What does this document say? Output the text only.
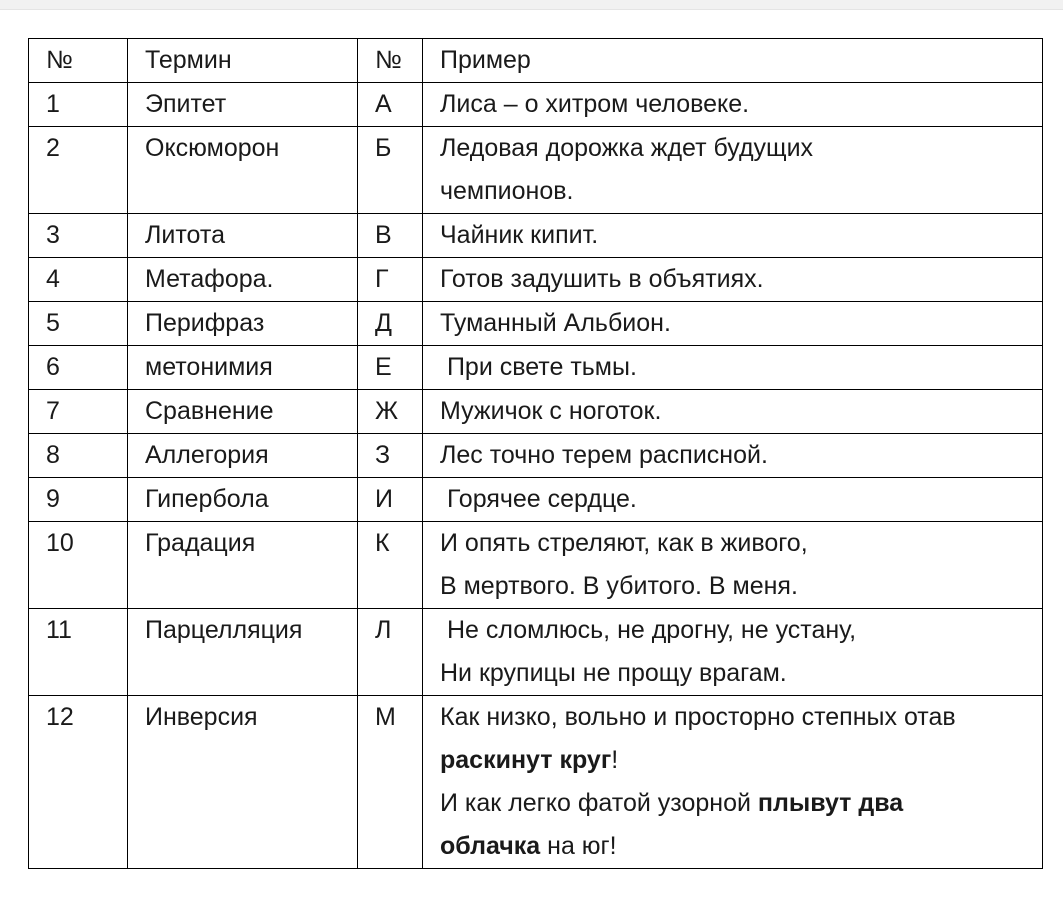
№	Термин	№	Пример
1	Эпитет	А	Лиса – о хитром человеке.

2	Оксюморон	Б	Ледовая дорожка ждет будущих
чемпионов.

3	Литота	В	Чайник кипит.

4	Метафора.	Г	Готов задушить в объятиях.

5	Перифраз	Д	Туманный Альбион.

6	метонимия	Е	При свете тьмы.

7	Сравнение	Ж	Мужичок с ноготок.

8	Аллегория	З	Лес точно терем расписной.

9	Гипербола	И	Горячее сердце.

10	Градация	К	И опять стреляют, как в живого,
В мертвого. В убитого. В меня.

11	Парцелляция	Л	Не сломлюсь, не дрогну, не устану,
Ни крупицы не прощу врагам.

12	Инверсия	М	Как низко, вольно и просторно степных отав
раскинут круг!
И как легко фатой узорной плывут два
облачка на юг!
